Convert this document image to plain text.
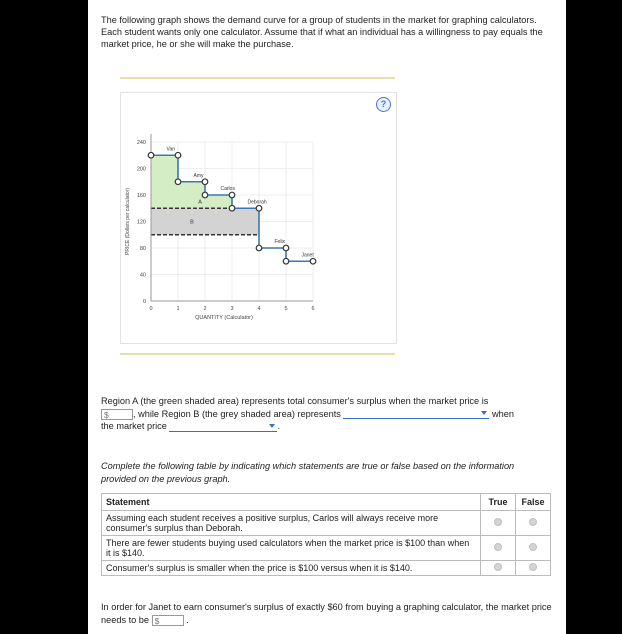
The following graph shows the demand curve for a group of students in the market for graphing calculators. Each student wants only one calculator. Assume that if what an individual has a willingness to pay equals the market price, he or she will make the purchase.
?
Van
Amy
Carlos
Deborah
Felix
Janet
A
B
0
40
80
120
160
200
240
0	1	2	3	4	5	6
QUANTITY (Calculator)
PRICE (Dollars per calculator)
Region A (the green shaded area) represents total consumer's surplus when the market price is
$	, while Region B (the grey shaded area) represents	when
the market price	.
Complete the following table by indicating which statements are true or false based on the information provided on the previous graph.
Statement	True	False
Assuming each student receives a positive surplus, Carlos will always receive more consumer's surplus than Deborah.		
There are fewer students buying used calculators when the market price is $100 than when it is $140.		
Consumer's surplus is smaller when the price is $100 versus when it is $140.		
In order for Janet to earn consumer's surplus of exactly $60 from buying a graphing calculator, the market price needs to be $	.
